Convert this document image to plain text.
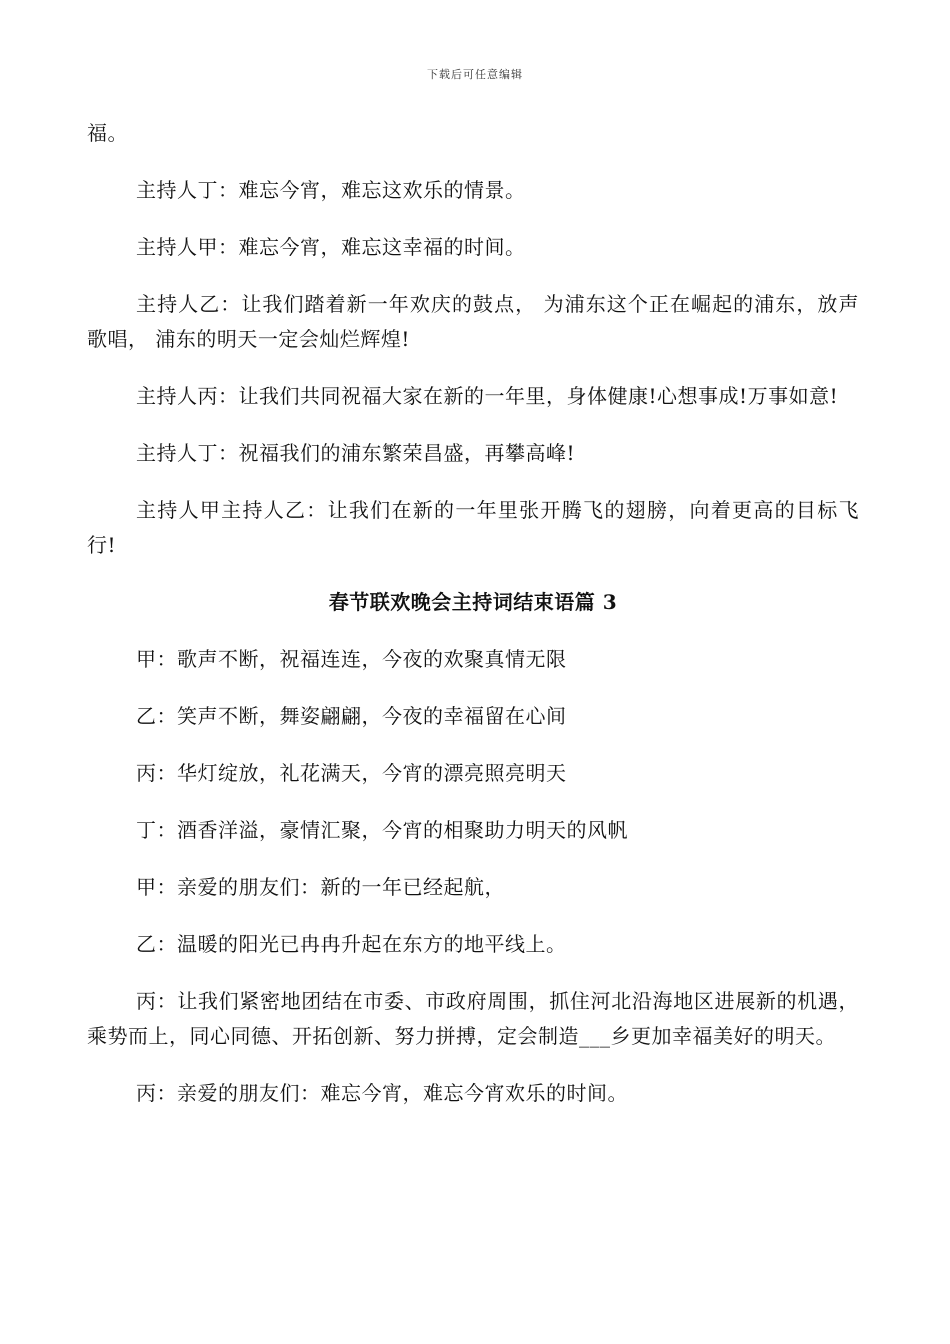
下载后可任意编辑

福。

主持人丁：难忘今宵，难忘这欢乐的情景。

主持人甲：难忘今宵，难忘这幸福的时间。

主持人乙：让我们踏着新一年欢庆的鼓点， 为浦东这个正在崛起的浦东，放声歌唱， 浦东的明天一定会灿烂辉煌!

主持人丙：让我们共同祝福大家在新的一年里，身体健康!心想事成!万事如意!

主持人丁：祝福我们的浦东繁荣昌盛，再攀高峰!

主持人甲主持人乙：让我们在新的一年里张开腾飞的翅膀，向着更高的目标飞行!

春节联欢晚会主持词结束语篇 3

甲：歌声不断，祝福连连，今夜的欢聚真情无限

乙：笑声不断，舞姿翩翩，今夜的幸福留在心间

丙：华灯绽放，礼花满天，今宵的漂亮照亮明天

丁：酒香洋溢，豪情汇聚，今宵的相聚助力明天的风帆

甲：亲爱的朋友们：新的一年已经起航，

乙：温暖的阳光已冉冉升起在东方的地平线上。

丙：让我们紧密地团结在市委、市政府周围，抓住河北沿海地区进展新的机遇，乘势而上，同心同德、开拓创新、努力拼搏，定会制造___乡更加幸福美好的明天。

丙：亲爱的朋友们：难忘今宵，难忘今宵欢乐的时间。
